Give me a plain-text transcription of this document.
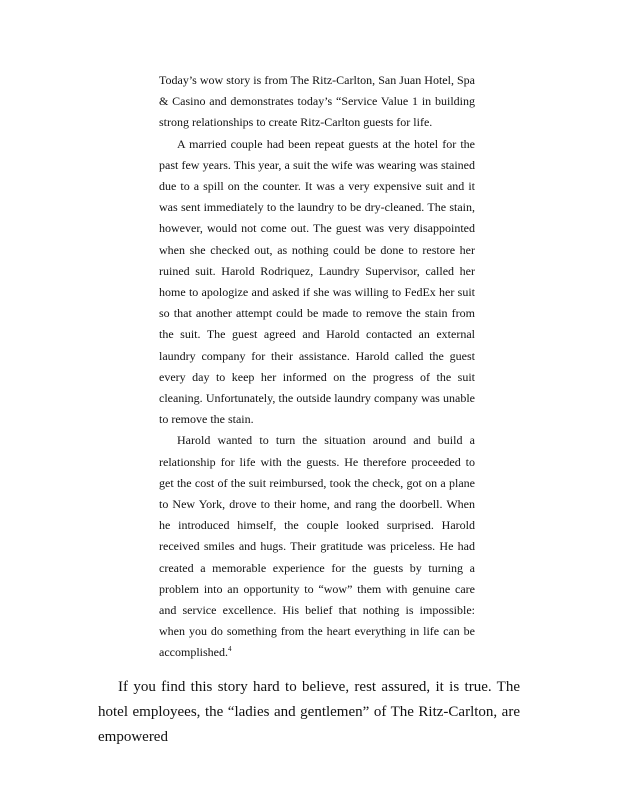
Today’s wow story is from The Ritz-Carlton, San Juan Hotel, Spa & Casino and demonstrates today’s “Service Value 1 in building strong relationships to create Ritz-Carlton guests for life.

A married couple had been repeat guests at the hotel for the past few years. This year, a suit the wife was wearing was stained due to a spill on the counter. It was a very expensive suit and it was sent immediately to the laundry to be dry-cleaned. The stain, however, would not come out. The guest was very disappointed when she checked out, as nothing could be done to restore her ruined suit. Harold Rodriquez, Laundry Supervisor, called her home to apologize and asked if she was willing to FedEx her suit so that another attempt could be made to remove the stain from the suit. The guest agreed and Harold contacted an external laundry company for their assistance. Harold called the guest every day to keep her informed on the progress of the suit cleaning. Unfortunately, the outside laundry company was unable to remove the stain.

Harold wanted to turn the situation around and build a relationship for life with the guests. He therefore proceeded to get the cost of the suit reimbursed, took the check, got on a plane to New York, drove to their home, and rang the doorbell. When he introduced himself, the couple looked surprised. Harold received smiles and hugs. Their gratitude was priceless. He had created a memorable experience for the guests by turning a problem into an opportunity to “wow” them with genuine care and service excellence. His belief that nothing is impossible: when you do something from the heart everything in life can be accomplished.$^4$

If you find this story hard to believe, rest assured, it is true. The hotel employees, the “ladies and gentlemen” of The Ritz-Carlton, are empowered
